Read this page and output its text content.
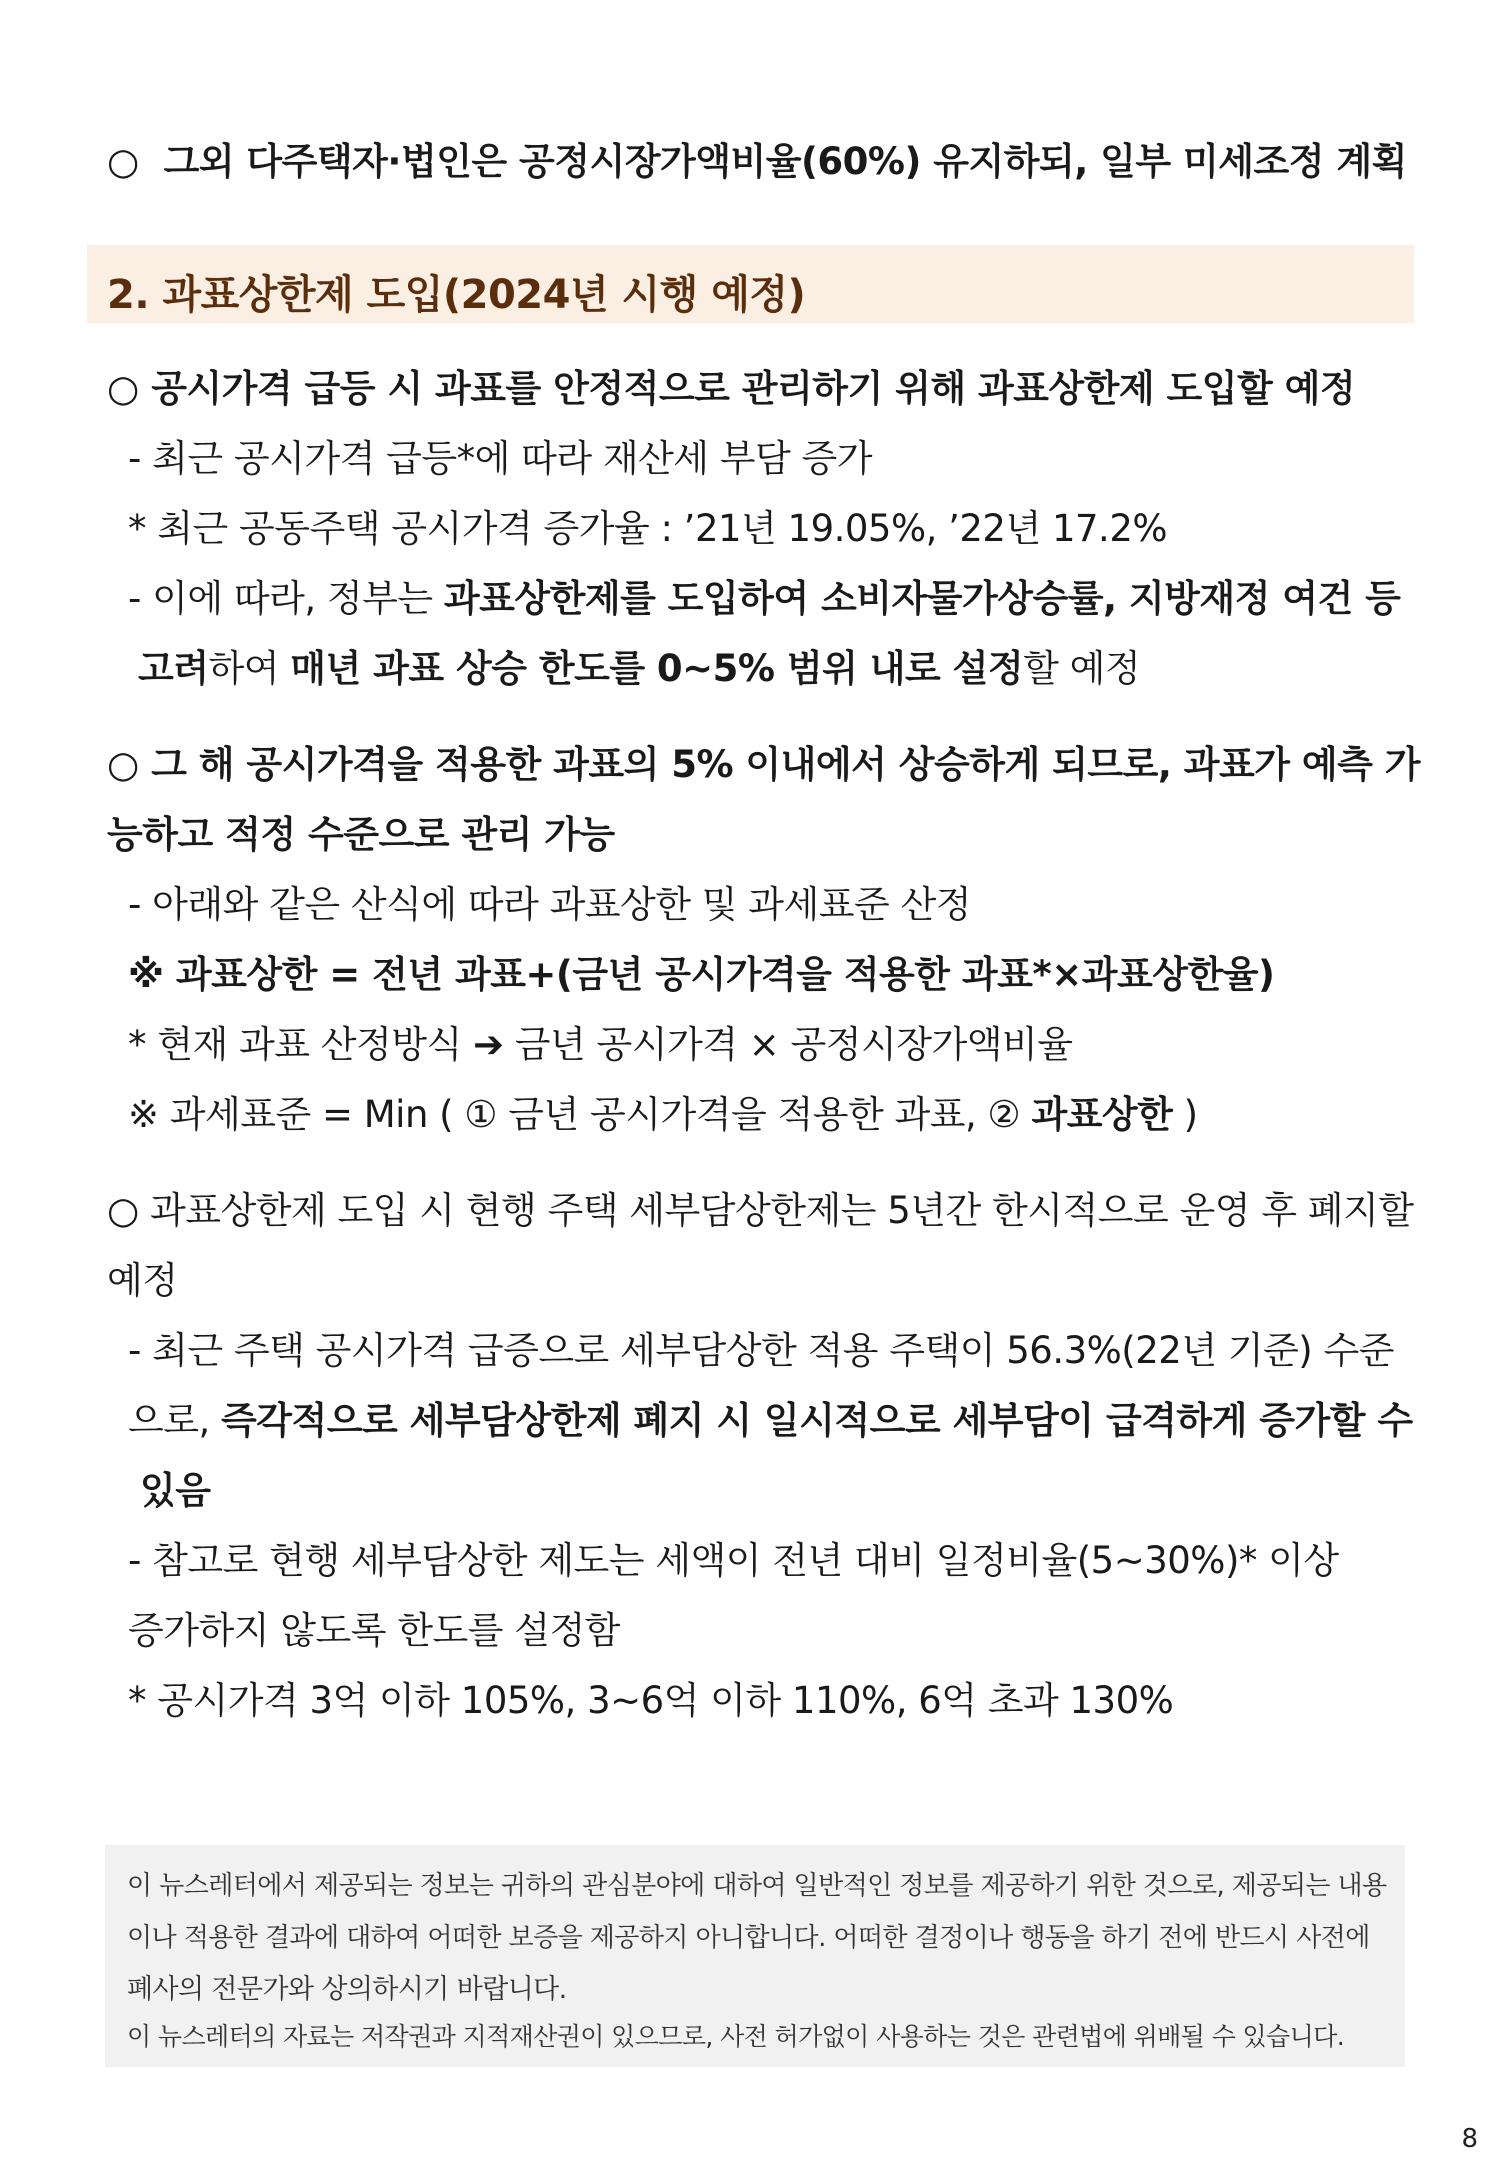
○ 그외 다주택자·법인은 공정시장가액비율(60%) 유지하되, 일부 미세조정 계획
2. 과표상한제 도입(2024년 시행 예정)
○ 공시가격 급등 시 과표를 안정적으로 관리하기 위해 과표상한제 도입할 예정
- 최근 공시가격 급등*에 따라 재산세 부담 증가
* 최근 공동주택 공시가격 증가율 : ’21년 19.05%, ’22년 17.2%
- 이에 따라, 정부는 과표상한제를 도입하여 소비자물가상승률, 지방재정 여건 등
고려하여 매년 과표 상승 한도를 0~5% 범위 내로 설정할 예정
○ 그 해 공시가격을 적용한 과표의 5% 이내에서 상승하게 되므로, 과표가 예측 가
능하고 적정 수준으로 관리 가능
- 아래와 같은 산식에 따라 과표상한 및 과세표준 산정
※ 과표상한 = 전년 과표+(금년 공시가격을 적용한 과표*×과표상한율)
* 현재 과표 산정방식 ➔ 금년 공시가격 × 공정시장가액비율
※ 과세표준 = Min ( ① 금년 공시가격을 적용한 과표, ② 과표상한 )
○ 과표상한제 도입 시 현행 주택 세부담상한제는 5년간 한시적으로 운영 후 폐지할
예정
- 최근 주택 공시가격 급증으로 세부담상한 적용 주택이 56.3%(22년 기준) 수준
으로, 즉각적으로 세부담상한제 폐지 시 일시적으로 세부담이 급격하게 증가할 수
있음
- 참고로 현행 세부담상한 제도는 세액이 전년 대비 일정비율(5~30%)* 이상
증가하지 않도록 한도를 설정함
* 공시가격 3억 이하 105%, 3~6억 이하 110%, 6억 초과 130%
이 뉴스레터에서 제공되는 정보는 귀하의 관심분야에 대하여 일반적인 정보를 제공하기 위한 것으로, 제공되는 내용
이나 적용한 결과에 대하여 어떠한 보증을 제공하지 아니합니다. 어떠한 결정이나 행동을 하기 전에 반드시 사전에
폐사의 전문가와 상의하시기 바랍니다.
이 뉴스레터의 자료는 저작권과 지적재산권이 있으므로, 사전 허가없이 사용하는 것은 관련법에 위배될 수 있습니다.
8
